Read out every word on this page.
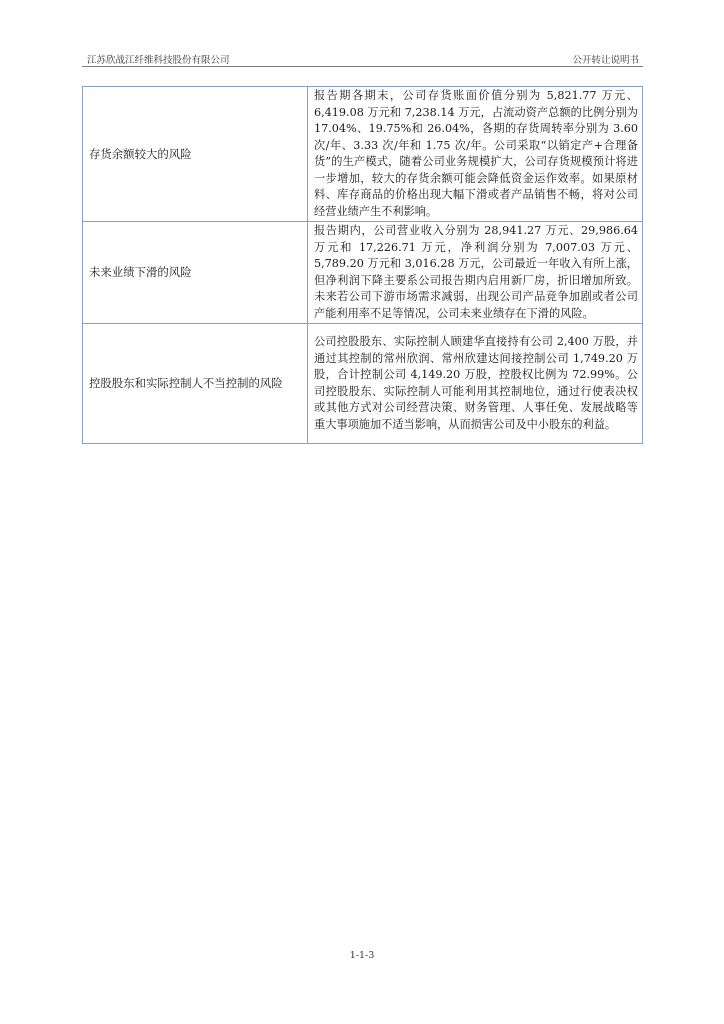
江苏欣战江纤维科技股份有限公司	公开转让说明书
存货余额较大的风险	报告期各期末，公司存货账面价值分别为 5,821.77 万元、6,419.08 万元和 7,238.14 万元，占流动资产总额的比例分别为 17.04%、19.75%和 26.04%，各期的存货周转率分别为 3.60 次/年、3.33 次/年和 1.75 次/年。公司采取“以销定产+合理备货”的生产模式，随着公司业务规模扩大，公司存货规模预计将进一步增加，较大的存货余额可能会降低资金运作效率。如果原材料、库存商品的价格出现大幅下滑或者产品销售不畅，将对公司经营业绩产生不利影响。
未来业绩下滑的风险	报告期内，公司营业收入分别为 28,941.27 万元、29,986.64 万元和 17,226.71 万元，净利润分别为 7,007.03 万元、5,789.20 万元和 3,016.28 万元，公司最近一年收入有所上涨，但净利润下降主要系公司报告期内启用新厂房，折旧增加所致。未来若公司下游市场需求减弱，出现公司产品竞争加剧或者公司产能利用率不足等情况，公司未来业绩存在下滑的风险。
控股股东和实际控制人不当控制的风险	公司控股股东、实际控制人顾建华直接持有公司 2,400 万股，并通过其控制的常州欣润、常州欣建达间接控制公司 1,749.20 万股，合计控制公司 4,149.20 万股，控股权比例为 72.99%。公司控股股东、实际控制人可能利用其控制地位，通过行使表决权或其他方式对公司经营决策、财务管理、人事任免、发展战略等重大事项施加不适当影响，从而损害公司及中小股东的利益。
1-1-3
